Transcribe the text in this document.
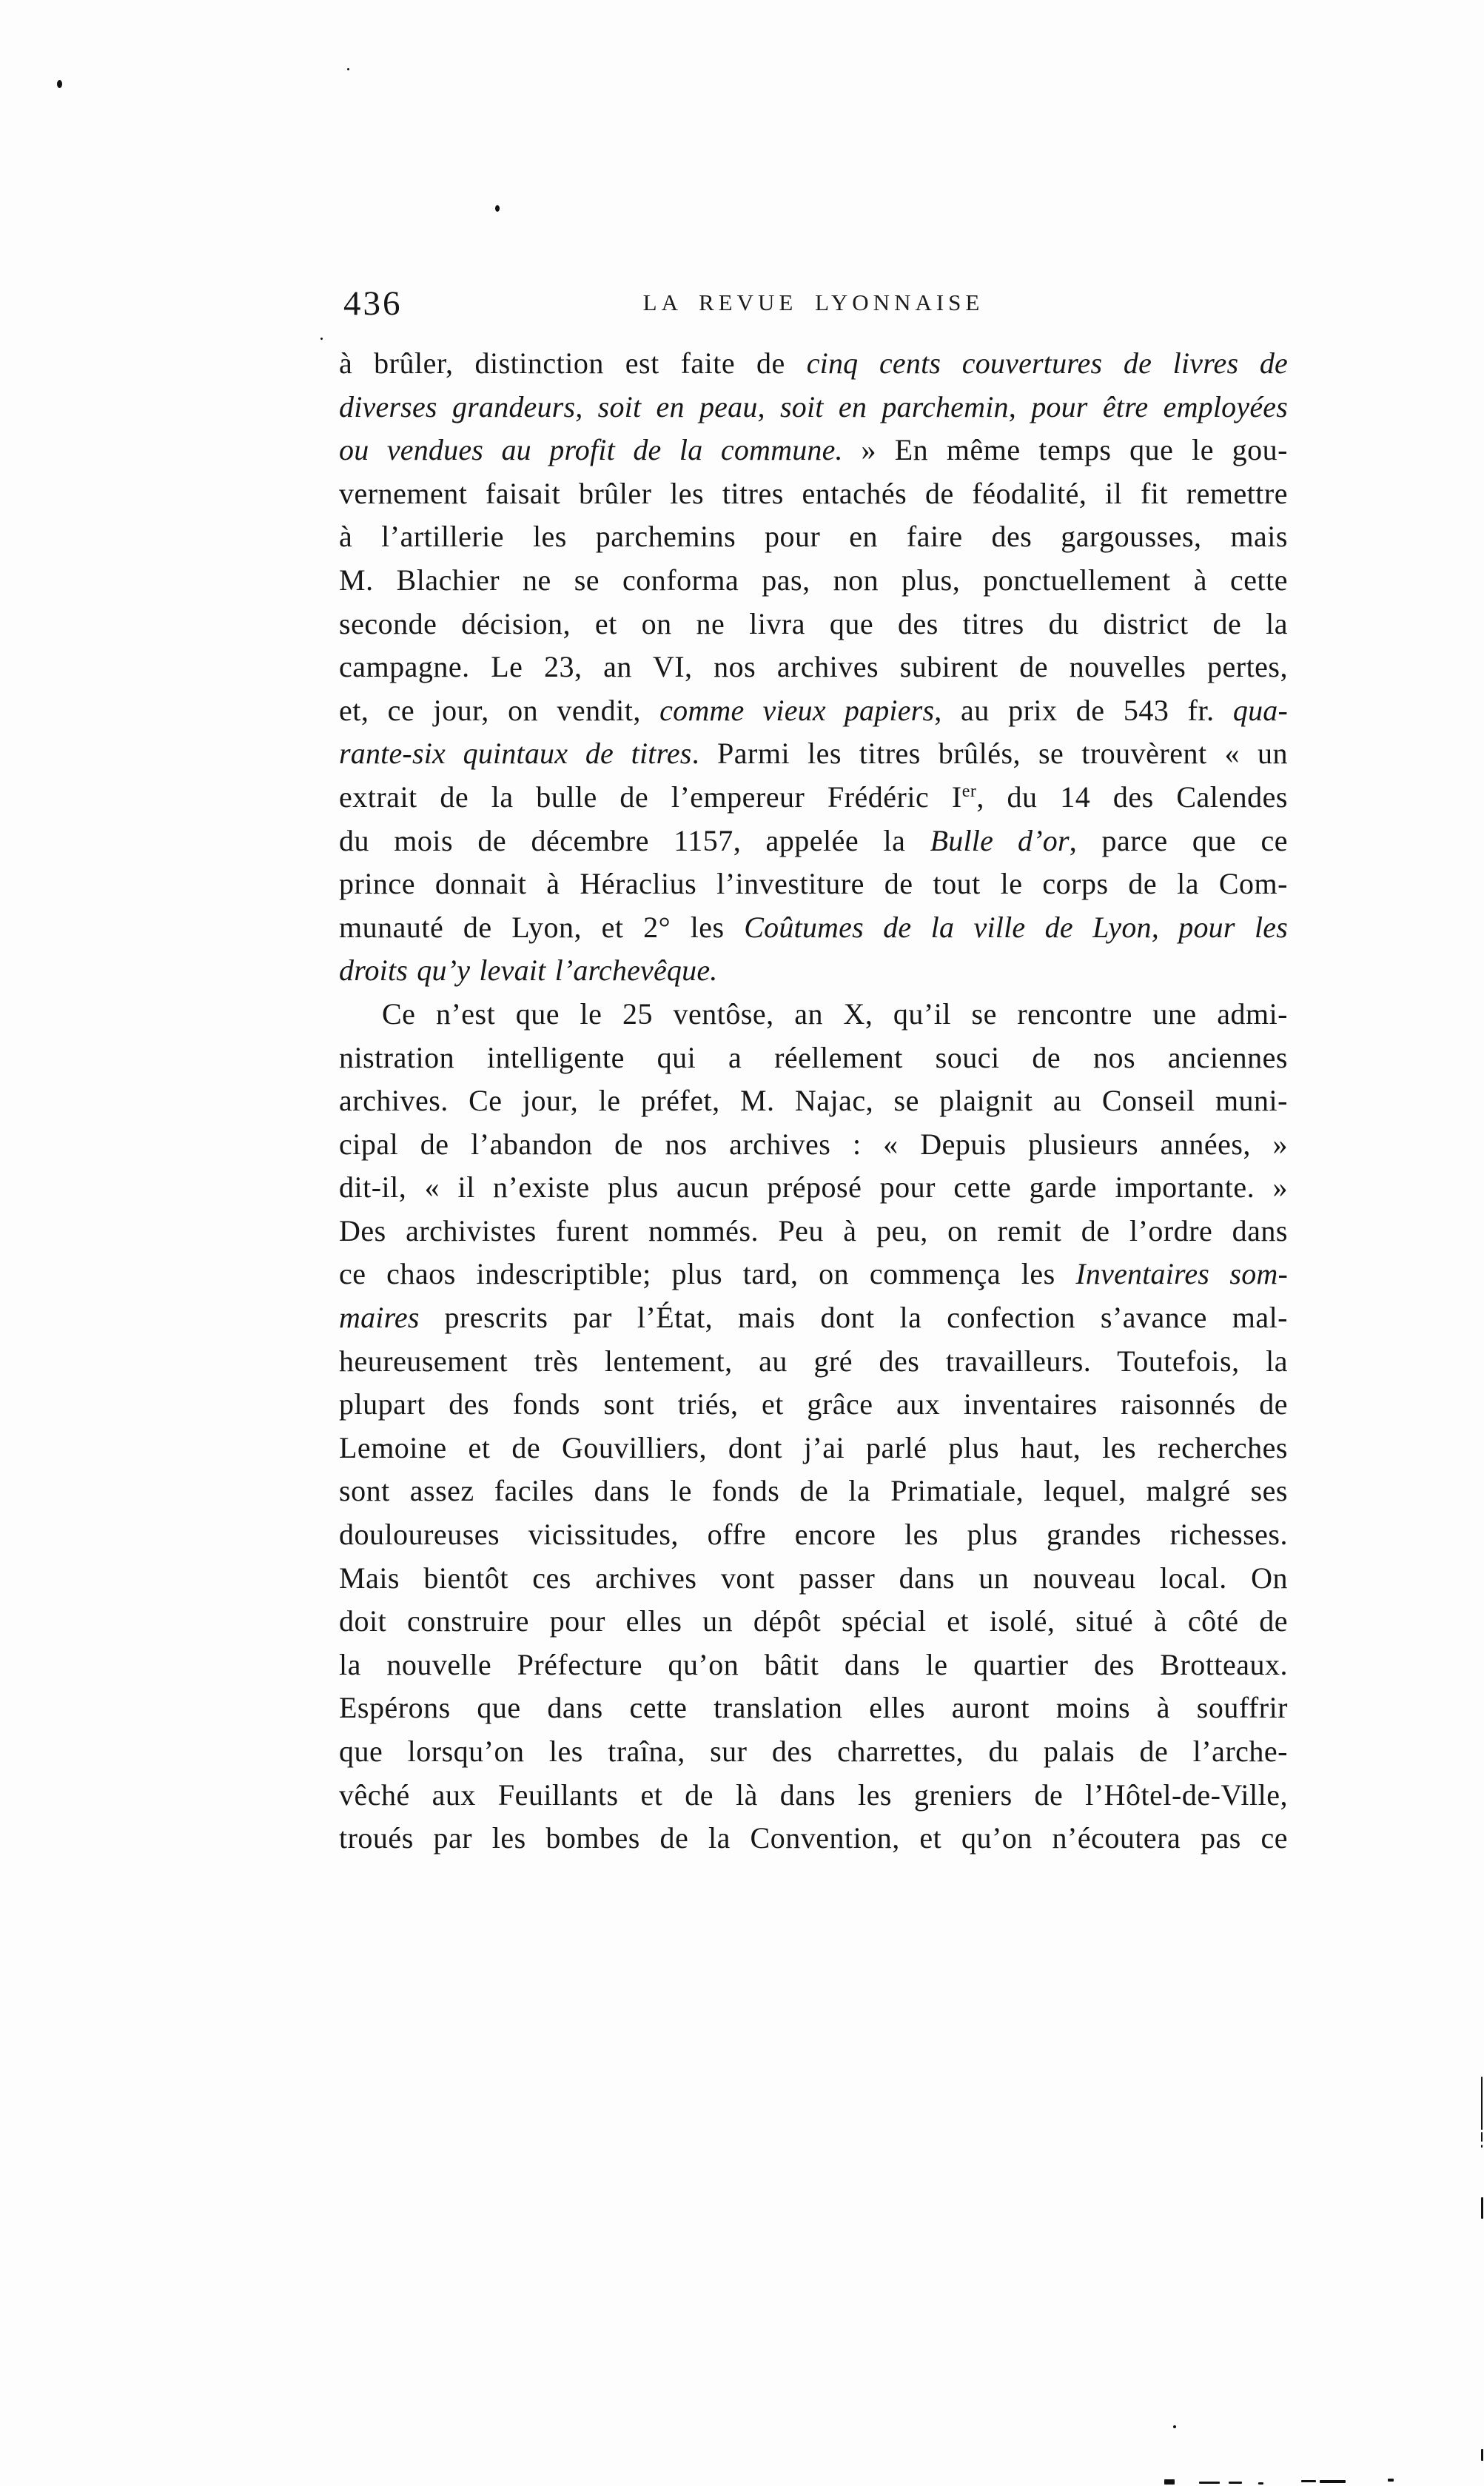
436	LA REVUE LYONNAISE
à brûler, distinction est faite de cinq cents couvertures de livres de
diverses grandeurs, soit en peau, soit en parchemin, pour être employées
ou vendues au profit de la commune. » En même temps que le gou-
vernement faisait brûler les titres entachés de féodalité, il fit remettre
à l’artillerie les parchemins pour en faire des gargousses, mais
M. Blachier ne se conforma pas, non plus, ponctuellement à cette
seconde décision, et on ne livra que des titres du district de la
campagne. Le 23, an VI, nos archives subirent de nouvelles pertes,
et, ce jour, on vendit, comme vieux papiers, au prix de 543 fr. qua-
rante-six quintaux de titres. Parmi les titres brûlés, se trouvèrent « un
extrait de la bulle de l’empereur Frédéric Ier, du 14 des Calendes
du mois de décembre 1157, appelée la Bulle d’or, parce que ce
prince donnait à Héraclius l’investiture de tout le corps de la Com-
munauté de Lyon, et 2° les Coûtumes de la ville de Lyon, pour les
droits qu’y levait l’archevêque.
Ce n’est que le 25 ventôse, an X, qu’il se rencontre une admi-
nistration intelligente qui a réellement souci de nos anciennes
archives. Ce jour, le préfet, M. Najac, se plaignit au Conseil muni-
cipal de l’abandon de nos archives : « Depuis plusieurs années, »
dit-il, « il n’existe plus aucun préposé pour cette garde importante. »
Des archivistes furent nommés. Peu à peu, on remit de l’ordre dans
ce chaos indescriptible; plus tard, on commença les Inventaires som-
maires prescrits par l’État, mais dont la confection s’avance mal-
heureusement très lentement, au gré des travailleurs. Toutefois, la
plupart des fonds sont triés, et grâce aux inventaires raisonnés de
Lemoine et de Gouvilliers, dont j’ai parlé plus haut, les recherches
sont assez faciles dans le fonds de la Primatiale, lequel, malgré ses
douloureuses vicissitudes, offre encore les plus grandes richesses.
Mais bientôt ces archives vont passer dans un nouveau local. On
doit construire pour elles un dépôt spécial et isolé, situé à côté de
la nouvelle Préfecture qu’on bâtit dans le quartier des Brotteaux.
Espérons que dans cette translation elles auront moins à souffrir
que lorsqu’on les traîna, sur des charrettes, du palais de l’arche-
vêché aux Feuillants et de là dans les greniers de l’Hôtel-de-Ville,
troués par les bombes de la Convention, et qu’on n’écoutera pas ce
